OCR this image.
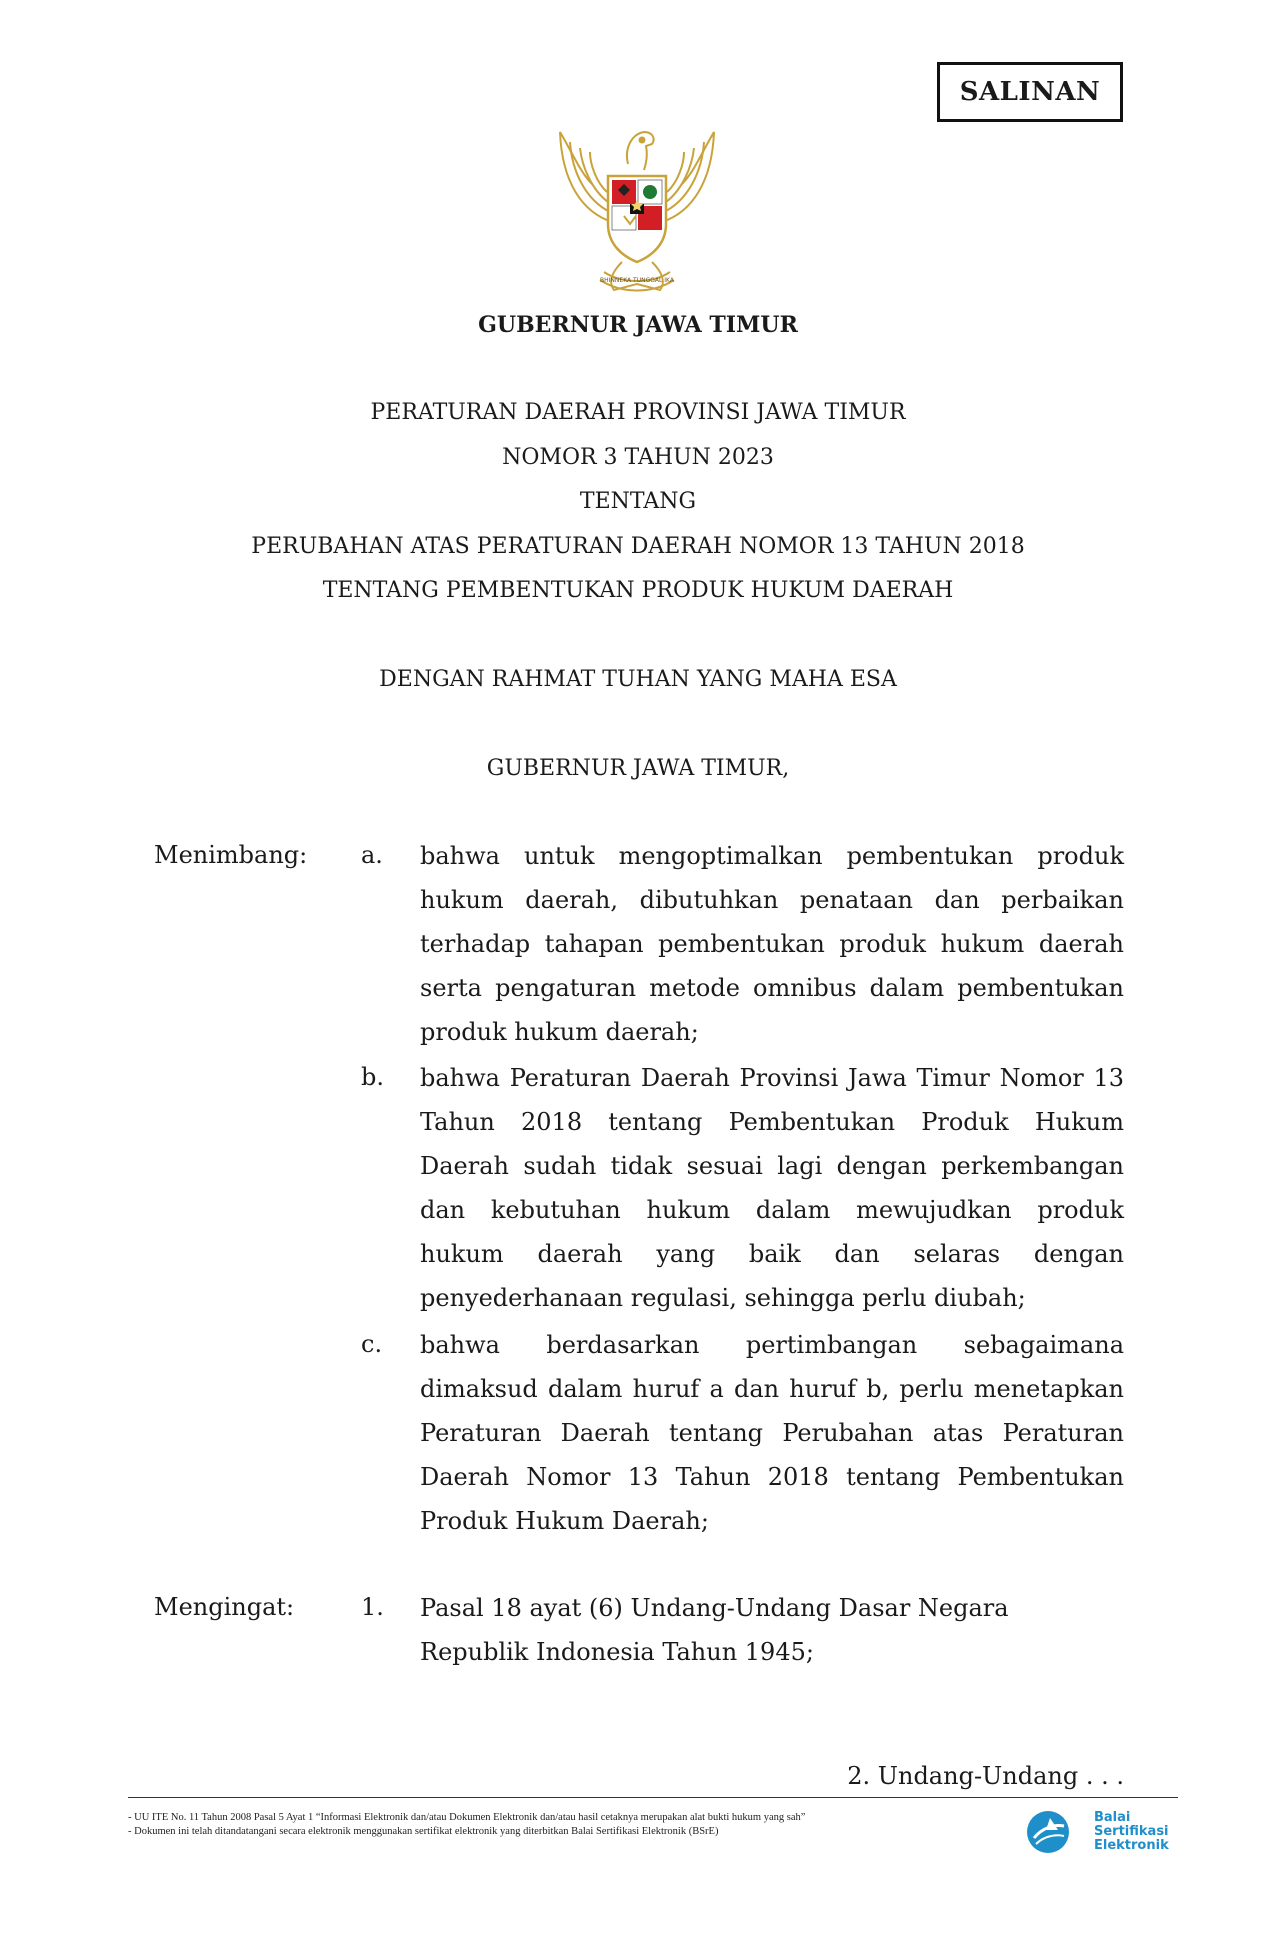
SALINAN
BHINNEKA TUNGGAL IKA
GUBERNUR JAWA TIMUR
PERATURAN DAERAH PROVINSI JAWA TIMUR
NOMOR 3 TAHUN 2023
TENTANG
PERUBAHAN ATAS PERATURAN DAERAH NOMOR 13 TAHUN 2018
TENTANG PEMBENTUKAN PRODUK HUKUM DAERAH
DENGAN RAHMAT TUHAN YANG MAHA ESA
GUBERNUR JAWA TIMUR,
Menimbang: a. bahwa untuk mengoptimalkan pembentukan produk hukum daerah, dibutuhkan penataan dan perbaikan terhadap tahapan pembentukan produk hukum daerah serta pengaturan metode omnibus dalam pembentukan produk hukum daerah;

b. bahwa Peraturan Daerah Provinsi Jawa Timur Nomor 13 Tahun 2018 tentang Pembentukan Produk Hukum Daerah sudah tidak sesuai lagi dengan perkembangan dan kebutuhan hukum dalam mewujudkan produk hukum daerah yang baik dan selaras dengan penyederhanaan regulasi, sehingga perlu diubah;

c. bahwa berdasarkan pertimbangan sebagaimana dimaksud dalam huruf a dan huruf b, perlu menetapkan Peraturan Daerah tentang Perubahan atas Peraturan Daerah Nomor 13 Tahun 2018 tentang Pembentukan Produk Hukum Daerah;

Mengingat:	1. Pasal 18 ayat (6) Undang-Undang Dasar Negara Republik Indonesia Tahun 1945;

2. Undang-Undang . . .
- UU ITE No. 11 Tahun 2008 Pasal 5 Ayat 1 “Informasi Elektronik dan/atau Dokumen Elektronik dan/atau hasil cetaknya merupakan alat bukti hukum yang sah”
- Dokumen ini telah ditandatangani secara elektronik menggunakan sertifikat elektronik yang diterbitkan Balai Sertifikasi Elektronik (BSrE)
Balai
Sertifikasi
Elektronik
